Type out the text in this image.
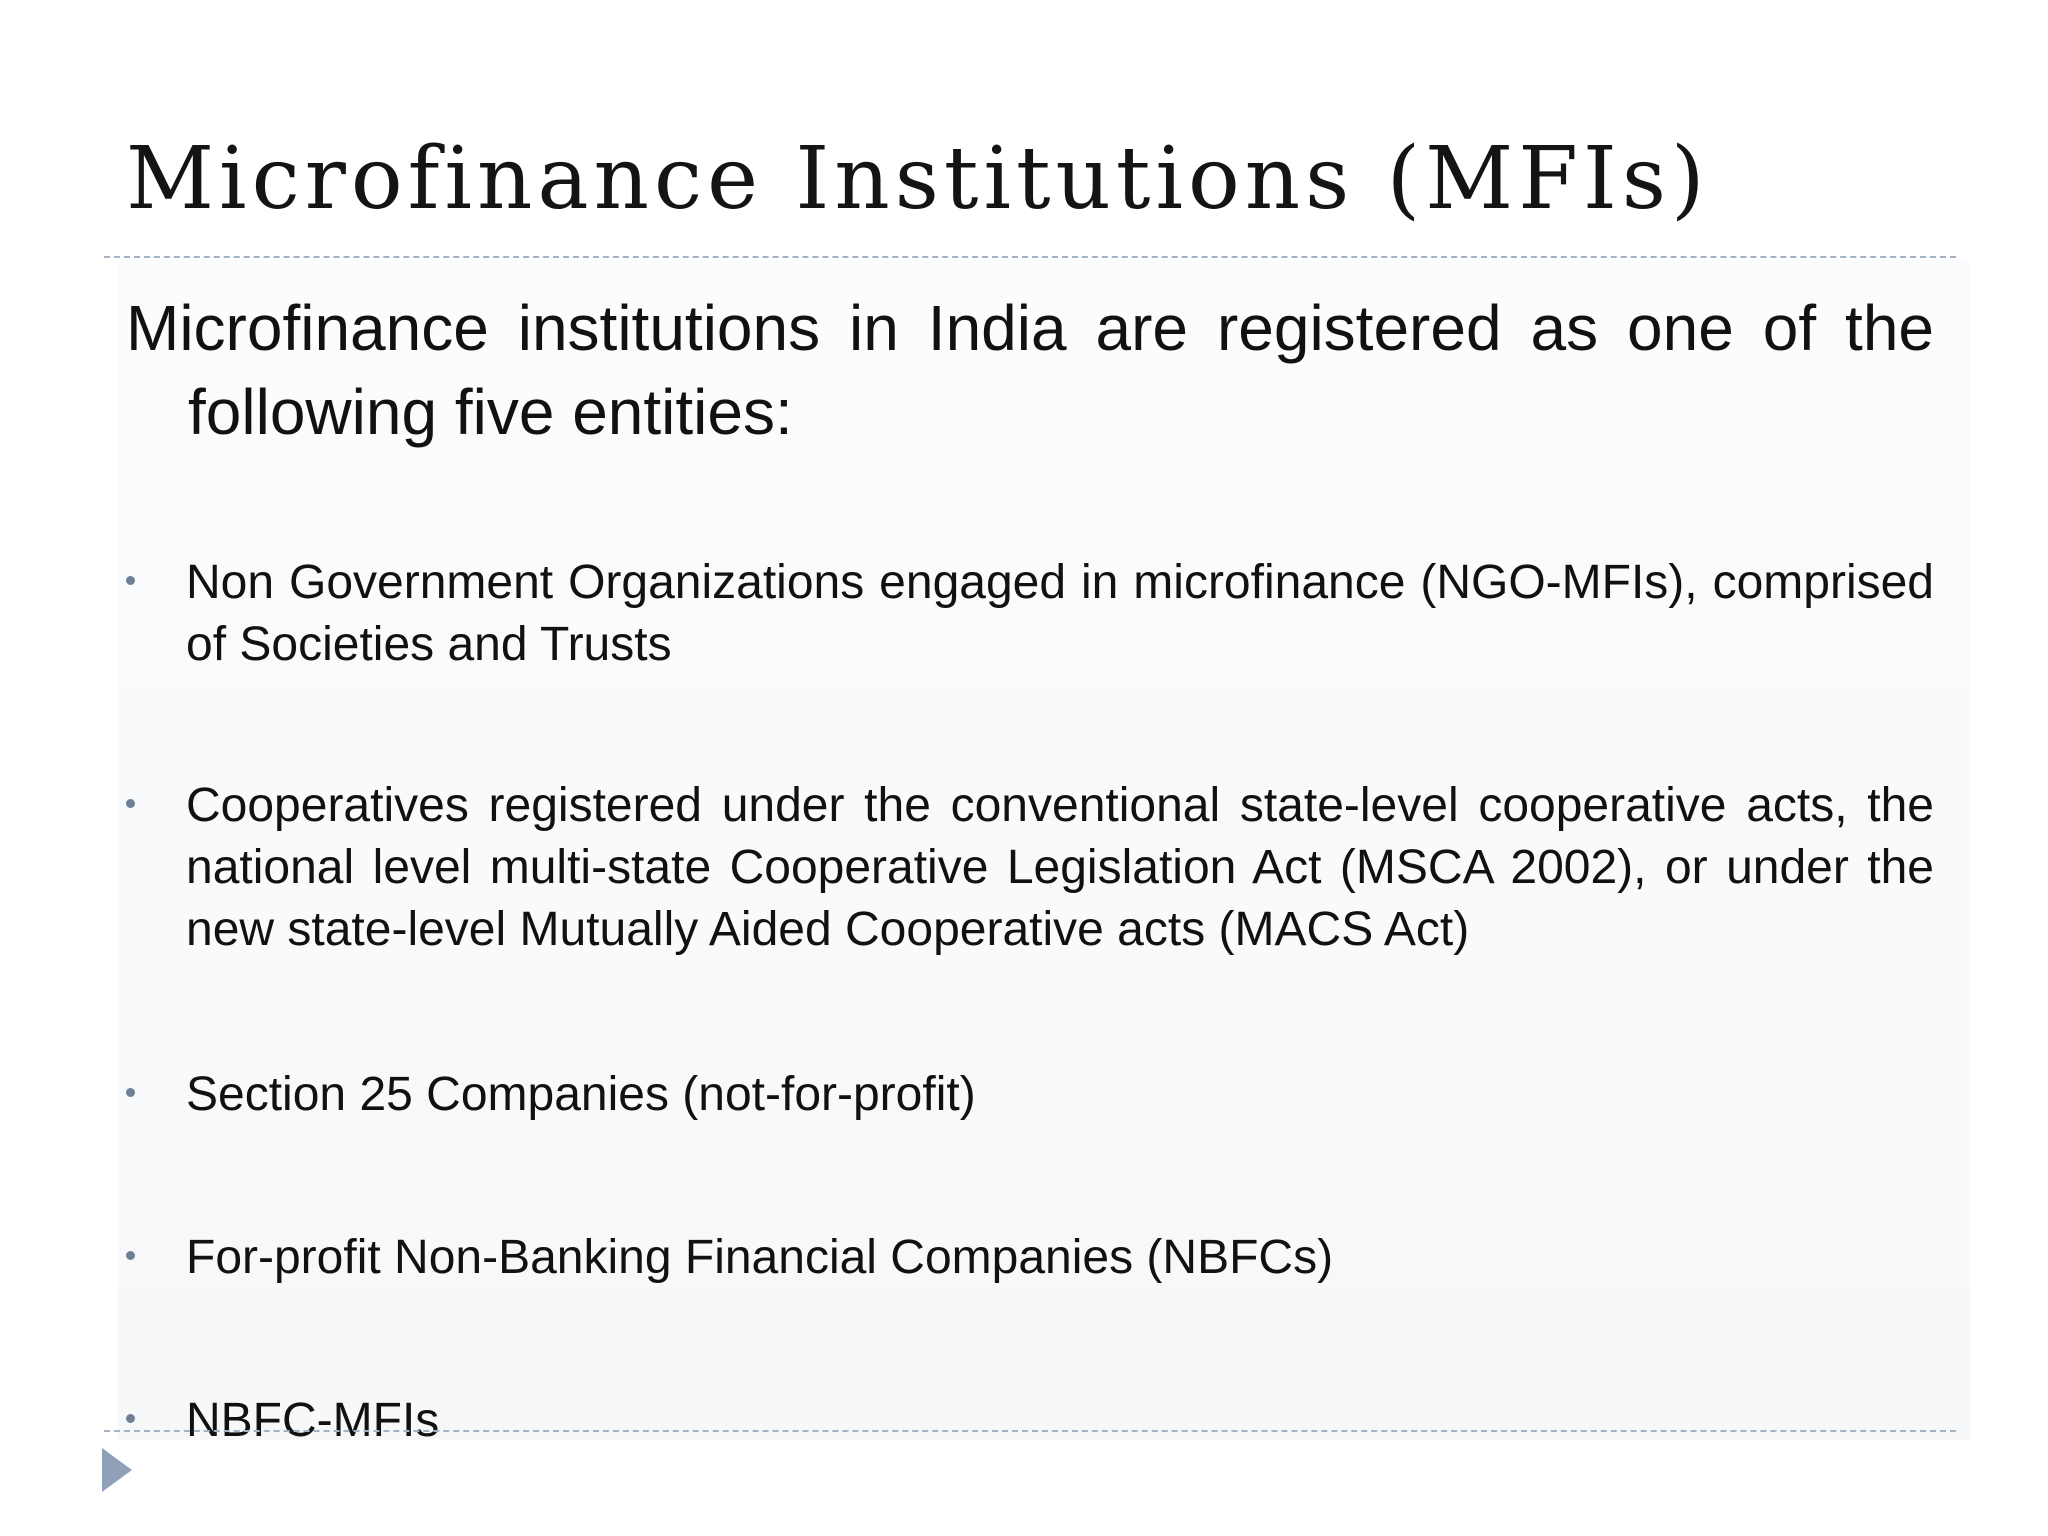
Microfinance Institutions (MFIs)

Microfinance institutions in India are registered as one of the following five entities:

Non Government Organizations engaged in microfinance (NGO-MFIs), comprised of Societies and Trusts
Cooperatives registered under the conventional state-level cooperative acts, the national level multi-state Cooperative Legislation Act (MSCA 2002), or under the new state-level Mutually Aided Cooperative acts (MACS Act)
Section 25 Companies (not-for-profit)
For-profit Non-Banking Financial Companies (NBFCs)
NBFC-MFIs
